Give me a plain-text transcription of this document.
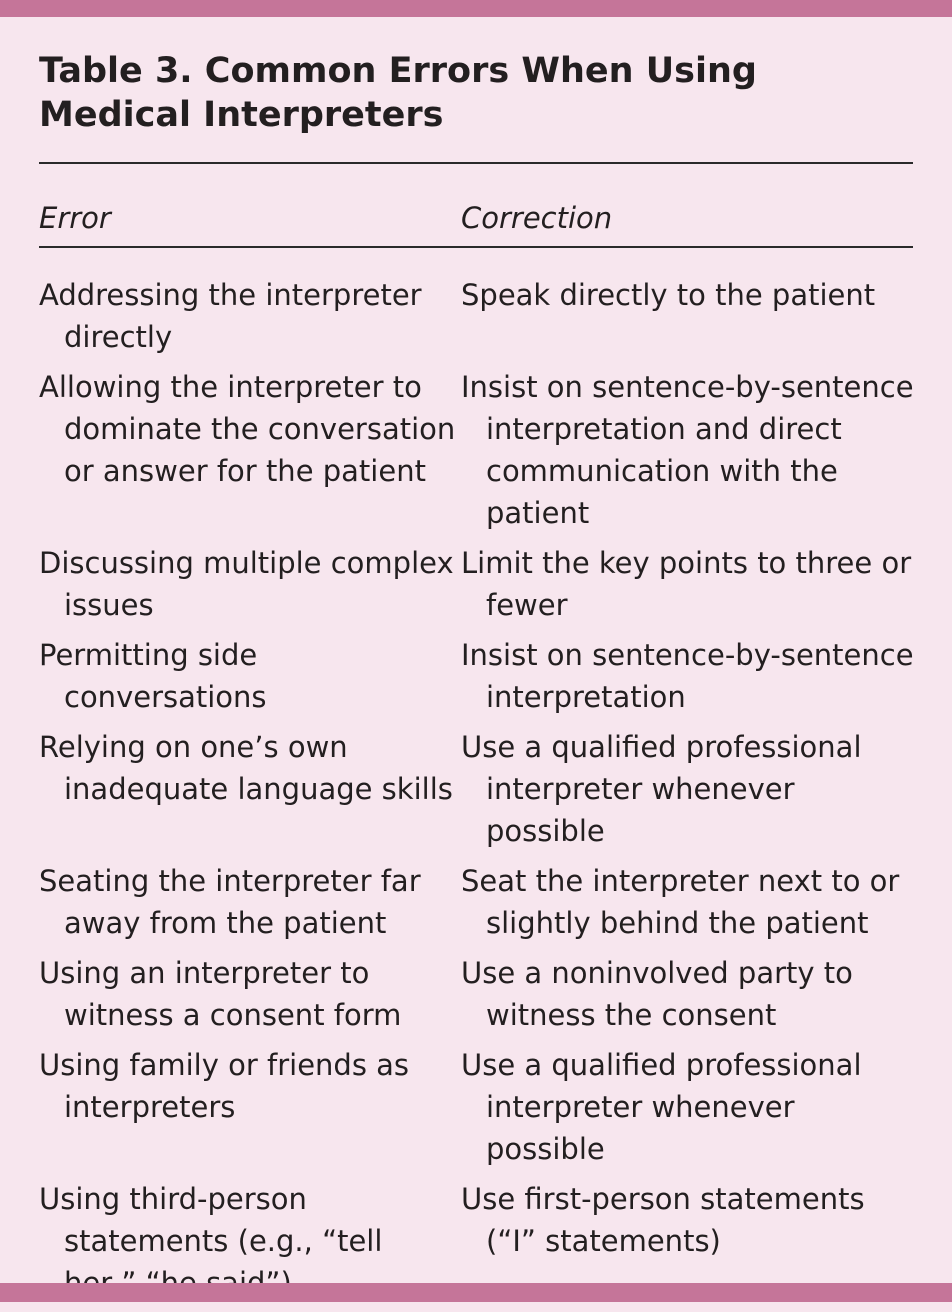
Table 3. Common Errors When Using Medical Interpreters
Error	Correction
Addressing the interpreter directly
Speak directly to the patient
Allowing the interpreter to dominate the conversation or answer for the patient
Insist on sentence-by-sentence interpretation and direct communication with the patient
Discussing multiple complex issues
Limit the key points to three or fewer
Permitting side conversations
Insist on sentence-by-sentence interpretation
Relying on one’s own inadequate language skills
Use a qualified professional interpreter whenever possible
Seating the interpreter far away from the patient
Seat the interpreter next to or slightly behind the patient
Using an interpreter to witness a consent form
Use a noninvolved party to witness the consent
Using family or friends as interpreters
Use a qualified professional interpreter whenever possible
Using third-person statements (e.g., “tell
Use first-person statements (“I” statements)
